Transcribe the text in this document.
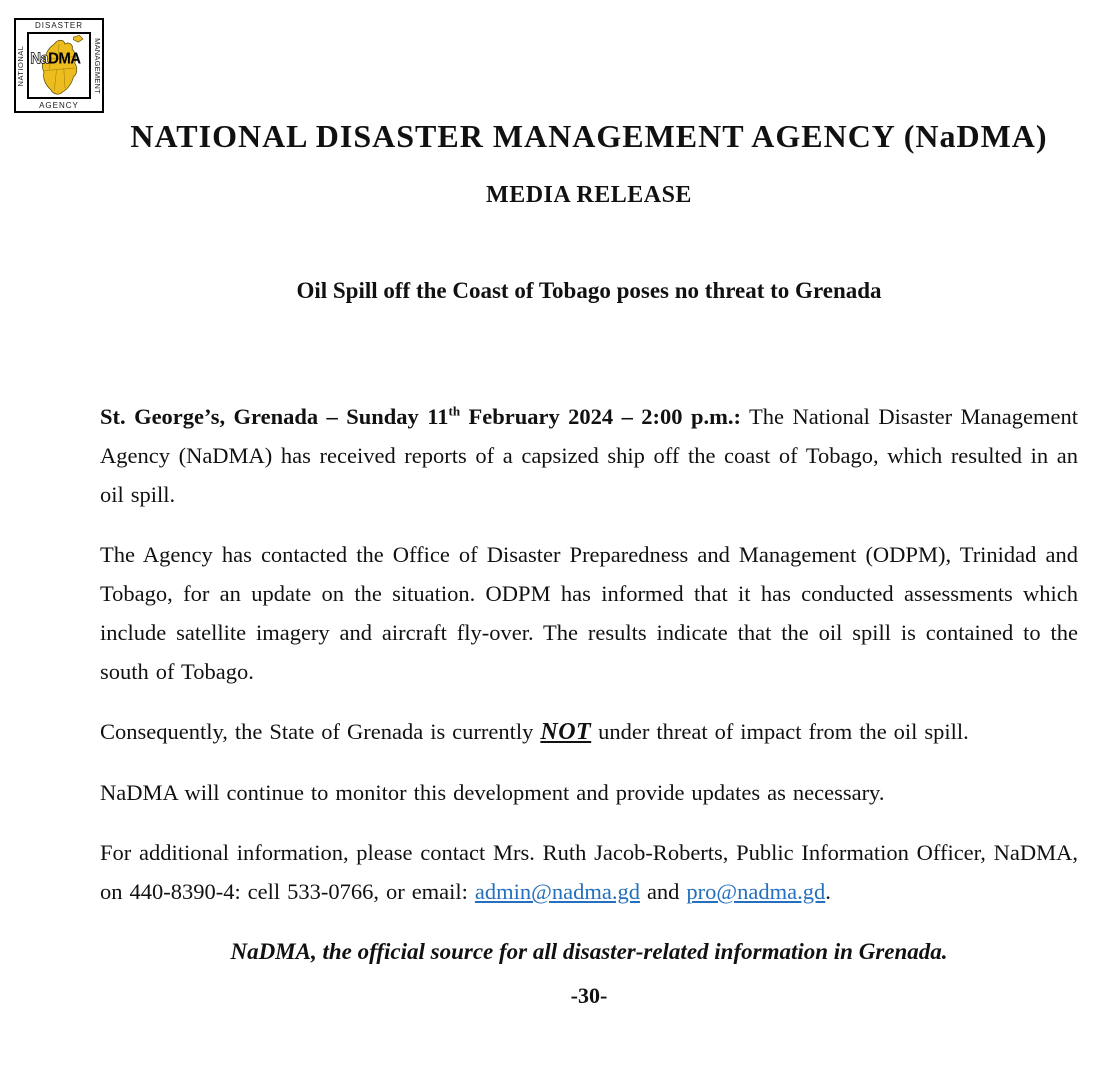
DISASTER
NATIONAL	MANAGEMENT
AGENCY
NaDMA
NATIONAL DISASTER MANAGEMENT AGENCY (NaDMA)
MEDIA RELEASE
Oil Spill off the Coast of Tobago poses no threat to Grenada

St. George’s, Grenada – Sunday 11th February 2024 – 2:00 p.m.: The National Disaster Management Agency (NaDMA) has received reports of a capsized ship off the coast of Tobago, which resulted in an oil spill.

The Agency has contacted the Office of Disaster Preparedness and Management (ODPM), Trinidad and Tobago, for an update on the situation. ODPM has informed that it has conducted assessments which include satellite imagery and aircraft fly-over. The results indicate that the oil spill is contained to the south of Tobago.

Consequently, the State of Grenada is currently NOT under threat of impact from the oil spill.

NaDMA will continue to monitor this development and provide updates as necessary.

For additional information, please contact Mrs. Ruth Jacob-Roberts, Public Information Officer, NaDMA, on 440-8390-4: cell 533-0766, or email: admin@nadma.gd and pro@nadma.gd.

NaDMA, the official source for all disaster-related information in Grenada.

-30-
